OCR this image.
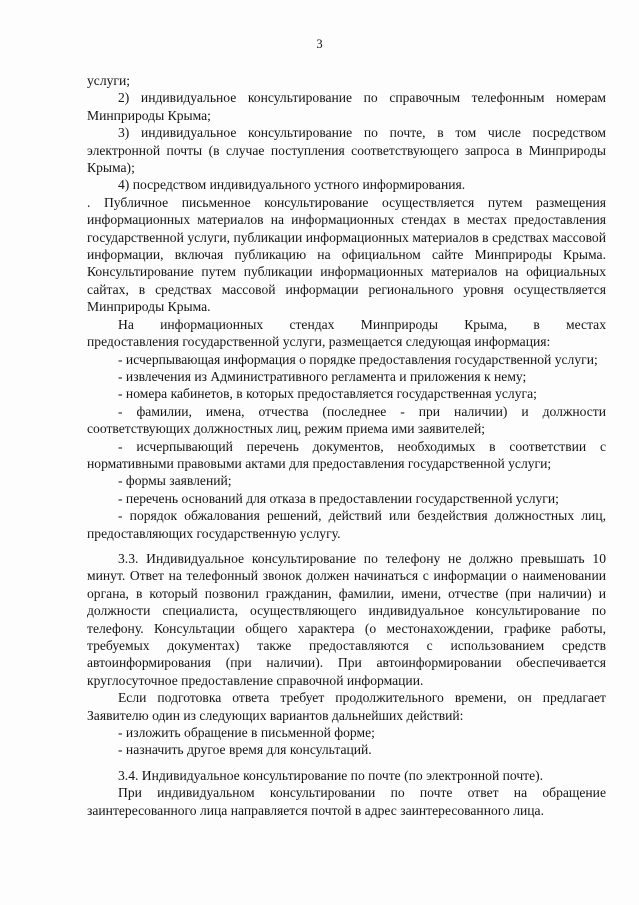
3

услуги;

2) индивидуальное консультирование по справочным телефонным номерам Минприроды Крыма;

3) индивидуальное консультирование по почте, в том числе посредством электронной почты (в случае поступления соответствующего запроса в Минприроды Крыма);

4) посредством индивидуального устного информирования.

. Публичное письменное консультирование осуществляется путем размещения информационных материалов на информационных стендах в местах предоставления государственной услуги, публикации информационных материалов в средствах массовой информации, включая публикацию на официальном сайте Минприроды Крыма. Консультирование путем публикации информационных материалов на официальных сайтах, в средствах массовой информации регионального уровня осуществляется Минприроды Крыма.

На информационных стендах Минприроды Крыма, в местах

предоставления государственной услуги, размещается следующая информация:

- исчерпывающая информация о порядке предоставления государственной услуги;

- извлечения из Административного регламента и приложения к нему;

- номера кабинетов, в которых предоставляется государственная услуга;

- фамилии, имена, отчества (последнее - при наличии) и должности соответствующих должностных лиц, режим приема ими заявителей;

- исчерпывающий перечень документов, необходимых в соответствии с нормативными правовыми актами для предоставления государственной услуги;

- формы заявлений;

- перечень оснований для отказа в предоставлении государственной услуги;

- порядок обжалования решений, действий или бездействия должностных лиц, предоставляющих государственную услугу.

3.3. Индивидуальное консультирование по телефону не должно превышать 10 минут. Ответ на телефонный звонок должен начинаться с информации о наименовании органа, в который позвонил гражданин, фамилии, имени, отчестве (при наличии) и должности специалиста, осуществляющего индивидуальное консультирование по телефону. Консультации общего характера (о местонахождении, графике работы, требуемых документах) также предоставляются с использованием средств автоинформирования (при наличии). При автоинформировании обеспечивается круглосуточное предоставление справочной информации.

Если подготовка ответа требует продолжительного времени, он предлагает Заявителю один из следующих вариантов дальнейших действий:

- изложить обращение в письменной форме;

- назначить другое время для консультаций.

3.4. Индивидуальное консультирование по почте (по электронной почте).

При индивидуальном консультировании по почте ответ на обращение заинтересованного лица направляется почтой в адрес заинтересованного лица.
